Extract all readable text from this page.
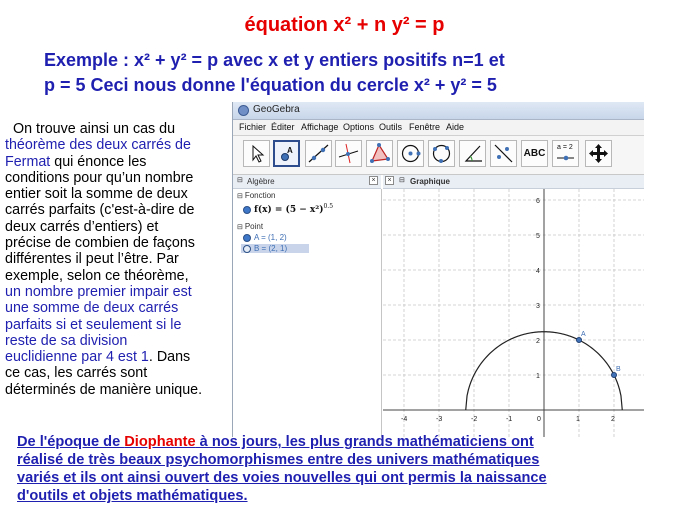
équation x² + n y² = p
Exemple : x² + y² = p avec x et y entiers positifs n=1 et
p = 5 Ceci nous donne l'équation du cercle x² + y² = 5
On trouve ainsi un cas du
théorème des deux carrés de
Fermat qui énonce les
conditions pour qu’un nombre
entier soit la somme de deux
carrés parfaits (c'est-à-dire de
deux carrés d’entiers) et
précise de combien de façons
différentes il peut l’être. Par
exemple, selon ce théorème,
un nombre premier impair est
une somme de deux carrés
parfaits si et seulement si le
reste de sa division
euclidienne par 4 est 1. Dans
ce cas, les carrés sont
déterminés de manière unique.
GeoGebra
Fichier Éditer Affichage Options Outils Fenêtre Aide
A	ABC
a = 2
⊟ Algèbre	×
⊟ Fonction
$f(x) = (5 - x^2)^{0.5}$
⊟ Point
A = (1, 2)
B = (2, 1)
×	⊟ Graphique
-4	-3	-2	-1	0	1	2
1
2
3
4
5
6
A
B
De l'époque de Diophante à nos jours, les plus grands mathématiciens ont
réalisé de très beaux psychomorphismes entre des univers mathématiques
variés et ils ont ainsi ouvert des voies nouvelles qui ont permis la naissance
d'outils et objets mathématiques.
